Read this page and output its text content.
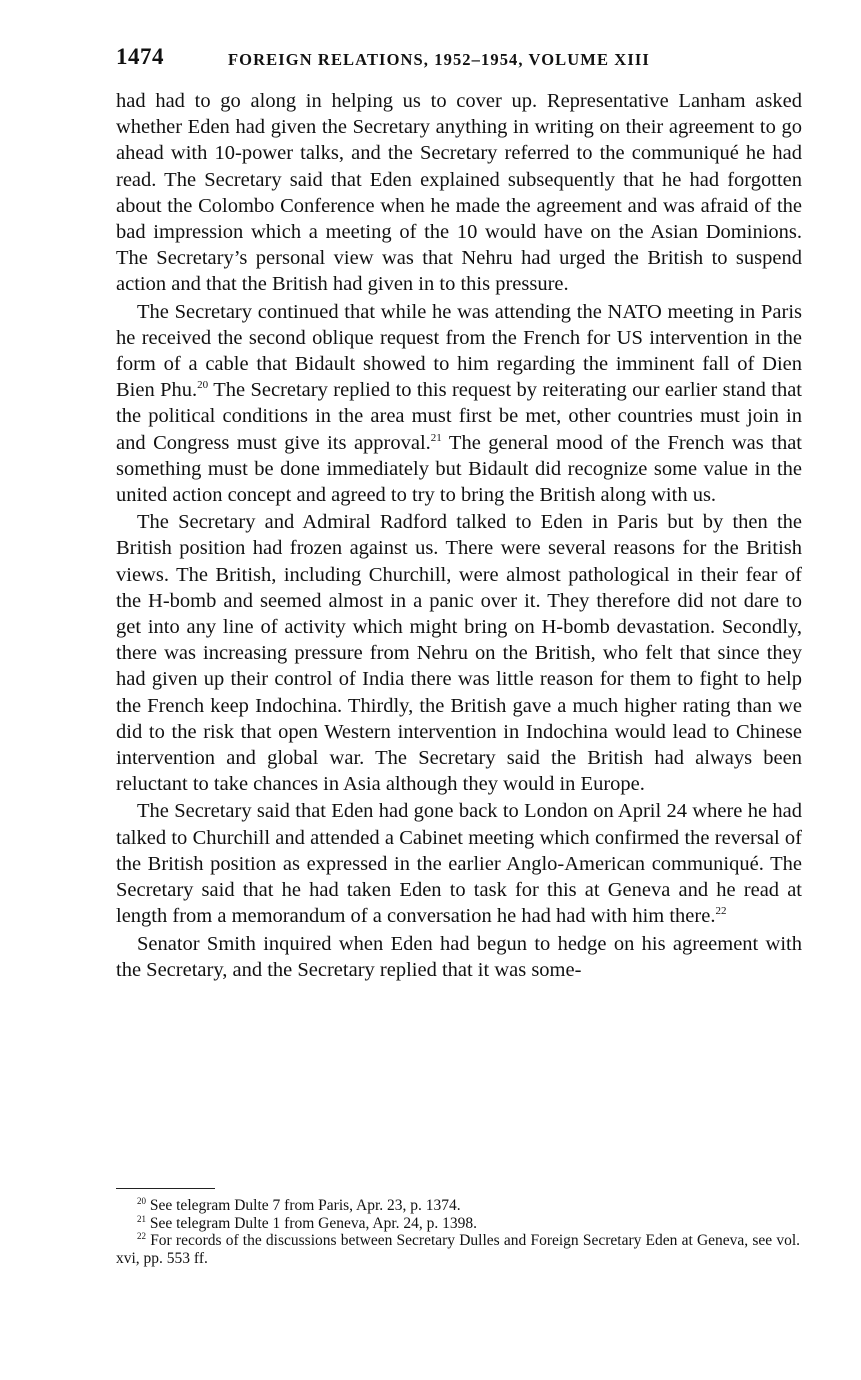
1474	FOREIGN RELATIONS, 1952–1954, VOLUME XIII

had had to go along in helping us to cover up. Representative Lanham asked whether Eden had given the Secretary anything in writing on their agreement to go ahead with 10-power talks, and the Secretary referred to the communiqué he had read. The Secretary said that Eden explained subsequently that he had forgotten about the Colombo Conference when he made the agreement and was afraid of the bad impression which a meeting of the 10 would have on the Asian Dominions. The Secretary’s personal view was that Nehru had urged the British to suspend action and that the British had given in to this pressure.

The Secretary continued that while he was attending the NATO meeting in Paris he received the second oblique request from the French for US intervention in the form of a cable that Bidault showed to him regarding the imminent fall of Dien Bien Phu.$^{20}$ The Secretary replied to this request by reiterating our earlier stand that the political conditions in the area must first be met, other countries must join in and Congress must give its approval.$^{21}$ The general mood of the French was that something must be done immediately but Bidault did recognize some value in the united action concept and agreed to try to bring the British along with us.

The Secretary and Admiral Radford talked to Eden in Paris but by then the British position had frozen against us. There were several reasons for the British views. The British, including Churchill, were almost pathological in their fear of the H-bomb and seemed almost in a panic over it. They therefore did not dare to get into any line of activity which might bring on H-bomb devastation. Secondly, there was increasing pressure from Nehru on the British, who felt that since they had given up their control of India there was little reason for them to fight to help the French keep Indochina. Thirdly, the British gave a much higher rating than we did to the risk that open Western intervention in Indochina would lead to Chinese intervention and global war. The Secretary said the British had always been reluctant to take chances in Asia although they would in Europe.

The Secretary said that Eden had gone back to London on April 24 where he had talked to Churchill and attended a Cabinet meeting which confirmed the reversal of the British position as expressed in the earlier Anglo-American communiqué. The Secretary said that he had taken Eden to task for this at Geneva and he read at length from a memorandum of a conversation he had had with him there.$^{22}$

Senator Smith inquired when Eden had begun to hedge on his agreement with the Secretary, and the Secretary replied that it was some-

$^{20}$ See telegram Dulte 7 from Paris, Apr. 23, p. 1374.

$^{21}$ See telegram Dulte 1 from Geneva, Apr. 24, p. 1398.

$^{22}$ For records of the discussions between Secretary Dulles and Foreign Secretary Eden at Geneva, see vol. xvi, pp. 553 ff.
